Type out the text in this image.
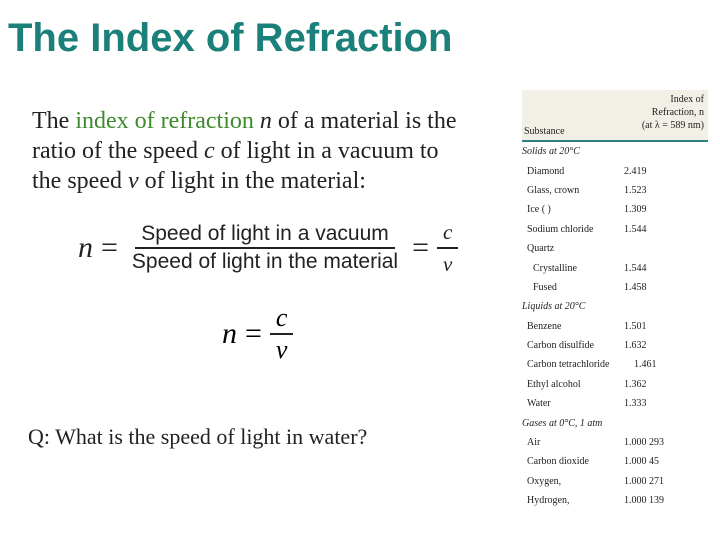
The Index of Refraction
The index of refraction n of a material is the ratio of the speed c of light in a vacuum to the speed v of light in the material:
$n = \frac{\text{Speed of light in a vacuum}}{\text{Speed of light in the material}} = \frac{c}{v}$
$n = \frac{c}{v}$
Q: What is the speed of light in water?
Substance
Index of
Refraction, n
(at λ = 589 nm)
Solids at 20°C
Diamond	2.419
Glass, crown	1.523
Ice ( )	1.309
Sodium chloride	1.544
Quartz
Crystalline	1.544
Fused	1.458
Liquids at 20°C
Benzene	1.501
Carbon disulfide	1.632
Carbon tetrachloride	1.461
Ethyl alcohol	1.362
Water	1.333
Gases at 0°C, 1 atm
Air	1.000 293
Carbon dioxide	1.000 45
Oxygen,	1.000 271
Hydrogen,	1.000 139
